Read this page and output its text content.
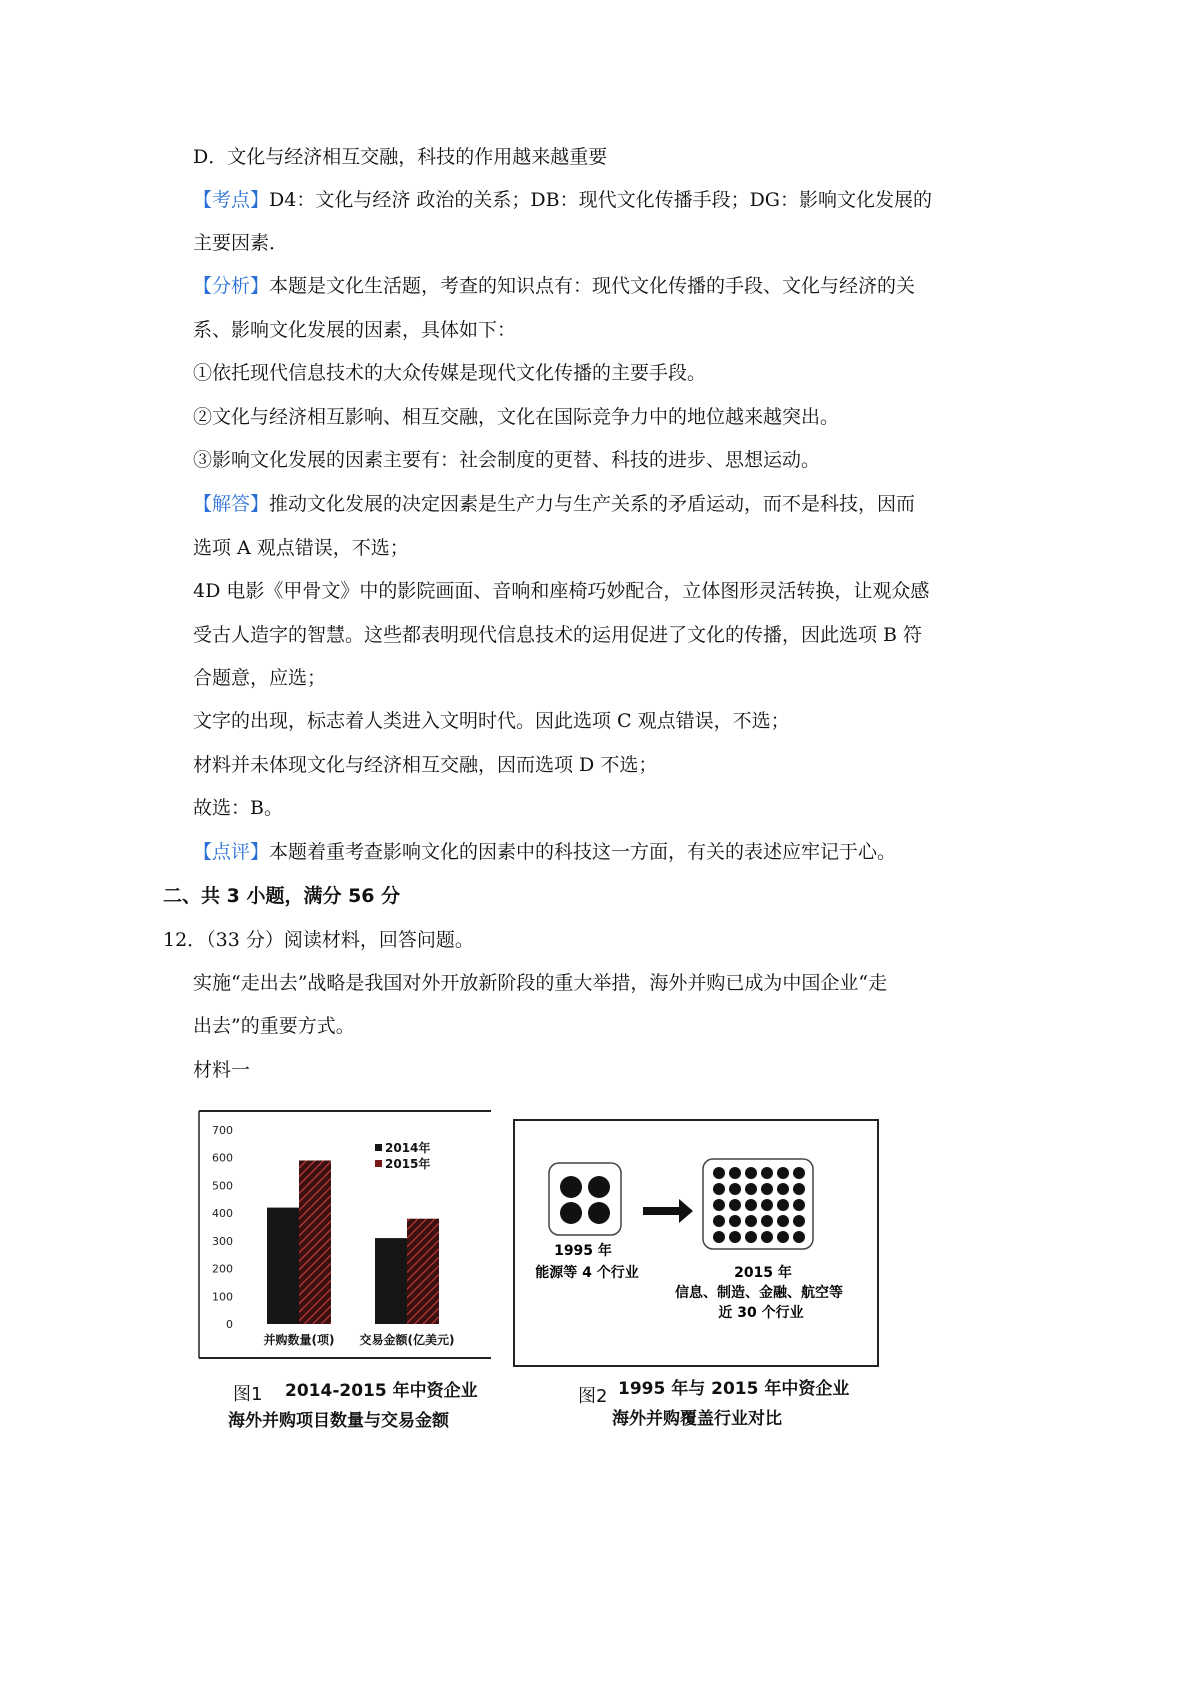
D．文化与经济相互交融，科技的作用越来越重要
【考点】D4：文化与经济 政治的关系；DB：现代文化传播手段；DG：影响文化发展的
主要因素．
【分析】本题是文化生活题，考查的知识点有：现代文化传播的手段、文化与经济的关
系、影响文化发展的因素，具体如下：
①依托现代信息技术的大众传媒是现代文化传播的主要手段。
②文化与经济相互影响、相互交融，文化在国际竞争力中的地位越来越突出。
③影响文化发展的因素主要有：社会制度的更替、科技的进步、思想运动。
【解答】推动文化发展的决定因素是生产力与生产关系的矛盾运动，而不是科技，因而
选项 A 观点错误，不选；
4D 电影《甲骨文》中的影院画面、音响和座椅巧妙配合，立体图形灵活转换，让观众感
受古人造字的智慧。这些都表明现代信息技术的运用促进了文化的传播，因此选项 B 符
合题意，应选；
文字的出现，标志着人类进入文明时代。因此选项 C 观点错误，不选；
材料并未体现文化与经济相互交融，因而选项 D 不选；
故选：B。
【点评】本题着重考查影响文化的因素中的科技这一方面，有关的表述应牢记于心。
二、共 3 小题，满分 56 分
12．（33 分）阅读材料，回答问题。
实施“走出去”战略是我国对外开放新阶段的重大举措，海外并购已成为中国企业“走
出去”的重要方式。
材料一
0
100
200
300
400
500
600
700
并购数量(项) 交易金额(亿美元)
2014年
2015年
图1 2014-2015 年中资企业
海外并购项目数量与交易金额
1995 年
能源等 4 个行业	2015 年
信息、制造、金融、航空等
近 30 个行业
图2 1995 年与 2015 年中资企业
海外并购覆盖行业对比
